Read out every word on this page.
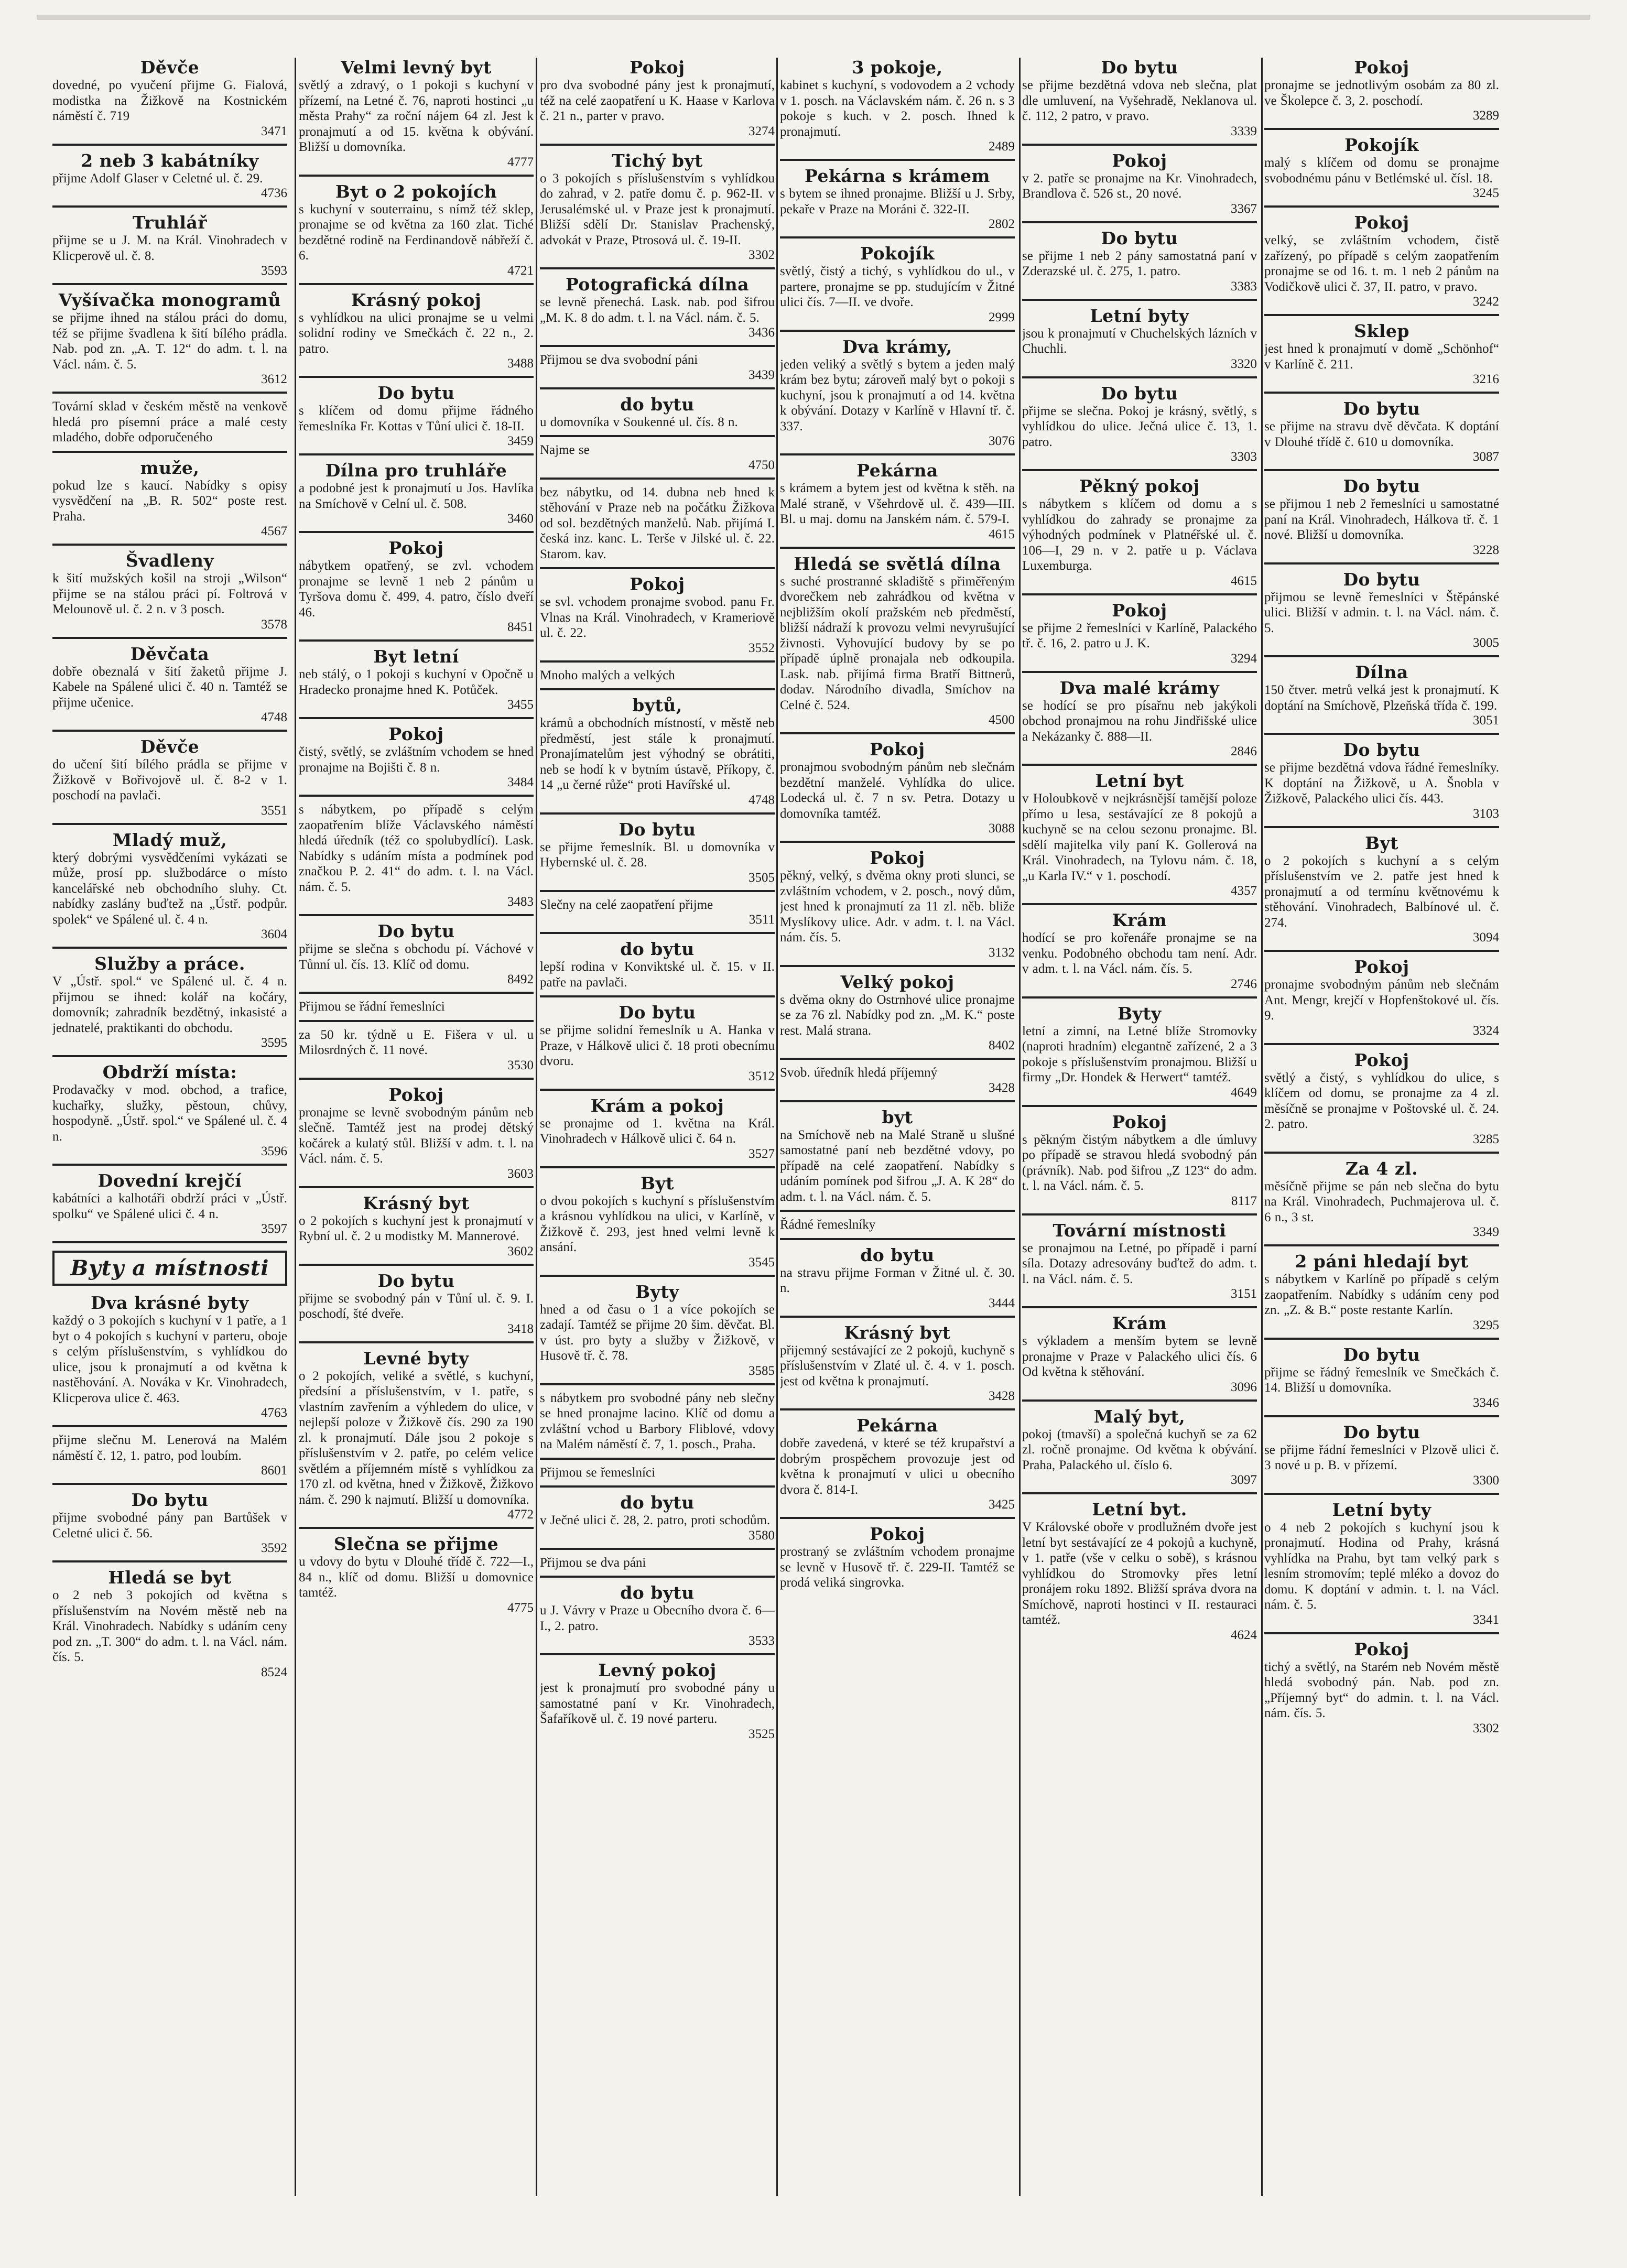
Děvče

dovedné, po vyučení přijme G. Fialová, modistka na Žižkově na Kostnickém náměstí č. 719

3471
2 neb 3 kabátníky

přijme Adolf Glaser v Celetné ul. č. 29.

4736
Truhlář

přijme se u J. M. na Král. Vinohradech v Klicperově ul. č. 8.

3593
Vyšívačka monogramů

se přijme ihned na stálou práci do domu, též se přijme švadlena k šití bílého prádla. Nab. pod zn. „A. T. 12“ do adm. t. l. na Václ. nám. č. 5.

3612

Tovární sklad v českém městě na venkově hledá pro písemní práce a malé cesty mladého, dobře odporučeného

muže,

pokud lze s kaucí. Nabídky s opisy vysvědčení na „B. R. 502“ poste rest. Praha.

4567
Švadleny

k šití mužských košil na stroji „Wilson“ přijme se na stálou práci pí. Foltrová v Melounově ul. č. 2 n. v 3 posch.

3578
Děvčata

dobře obeznalá v šití žaketů přijme J. Kabele na Spálené ulici č. 40 n. Tamtéž se přijme učenice.

4748
Děvče

do učení šití bílého prádla se přijme v Žižkově v Bořivojově ul. č. 8-2 v 1. poschodí na pavlači.

3551
Mladý muž,

který dobrými vysvědčeními vykázati se může, prosí pp. službodárce o místo kancelářské neb obchodního sluhy. Ct. nabídky zaslány buďtež na „Ústř. podpůr. spolek“ ve Spálené ul. č. 4 n.

3604
Služby a práce.

V „Ústř. spol.“ ve Spálené ul. č. 4 n. přijmou se ihned: kolář na kočáry, domovník; zahradník bezdětný, inkasisté a jednatelé, praktikanti do obchodu.

3595
Obdrží místa:

Prodavačky v mod. obchod, a trafice, kuchařky, služky, pěstoun, chůvy, hospodyně. „Ústř. spol.“ ve Spálené ul. č. 4 n.

3596
Dovední krejčí

kabátníci a kalhotáři obdrží práci v „Ústř. spolku“ ve Spálené ulici č. 4 n.

3597
Byty a místnosti
Dva krásné byty

každý o 3 pokojích s kuchyní v 1 patře, a 1 byt o 4 pokojích s kuchyní v parteru, oboje s celým příslušenstvím, s vyhlídkou do ulice, jsou k pronajmutí a od května k nastěhování. A. Nováka v Kr. Vinohradech, Klicperova ulice č. 463.

4763

přijme slečnu M. Lenerová na Malém náměstí č. 12, 1. patro, pod loubím.

8601
Do bytu

přijme svobodné pány pan Bartůšek v Celetné ulici č. 56.

3592
Hledá se byt

o 2 neb 3 pokojích od května s příslušenstvím na Novém městě neb na Král. Vinohradech. Nabídky s udáním ceny pod zn. „T. 300“ do adm. t. l. na Václ. nám. čís. 5.

8524
Velmi levný byt

světlý a zdravý, o 1 pokoji s kuchyní v přízemí, na Letné č. 76, naproti hostinci „u města Prahy“ za roční nájem 64 zl. Jest k pronajmutí a od 15. května k obývání. Bližší u domovníka.

4777
Byt o 2 pokojích

s kuchyní v souterrainu, s nímž též sklep, pronajme se od května za 160 zlat. Tiché bezdětné rodině na Ferdinandově nábřeží č. 6.

4721
Krásný pokoj

s vyhlídkou na ulici pronajme se u velmi solidní rodiny ve Smečkách č. 22 n., 2. patro.

3488
Do bytu

s klíčem od domu přijme řádného řemeslníka Fr. Kottas v Tůní ulici č. 18-II.

3459
Dílna pro truhláře

a podobné jest k pronajmutí u Jos. Havlíka na Smíchově v Celní ul. č. 508.

3460
Pokoj

nábytkem opatřený, se zvl. vchodem pronajme se levně 1 neb 2 pánům u Tyršova domu č. 499, 4. patro, číslo dveří 46.

8451
Byt letní

neb stálý, o 1 pokoji s kuchyní v Opočně u Hradecko pronajme hned K. Potůček.

3455
Pokoj

čistý, světlý, se zvláštním vchodem se hned pronajme na Bojišti č. 8 n.

3484

s nábytkem, po případě s celým zaopatřením blíže Václavského náměstí hledá úředník (též co spolubydlící). Lask. Nabídky s udáním místa a podmínek pod značkou P. 2. 41“ do adm. t. l. na Václ. nám. č. 5.

3483
Do bytu

přijme se slečna s obchodu pí. Váchové v Tůnní ul. čís. 13. Klíč od domu.

8492

Přijmou se řádní řemeslníci

za 50 kr. týdně u E. Fišera v ul. u Milosrdných č. 11 nové.

3530
Pokoj

pronajme se levně svobodným pánům neb slečně. Tamtéž jest na prodej dětský kočárek a kulatý stůl. Bližší v adm. t. l. na Václ. nám. č. 5.

3603
Krásný byt

o 2 pokojích s kuchyní jest k pronajmutí v Rybní ul. č. 2 u modistky M. Mannerové.

3602
Do bytu

přijme se svobodný pán v Tůní ul. č. 9. I. poschodí, šté dveře.

3418
Levné byty

o 2 pokojích, veliké a světlé, s kuchyní, předsíní a příslušenstvím, v 1. patře, s vlastním zavřením a výhledem do ulice, v nejlepší poloze v Žižkově čís. 290 za 190 zl. k pronajmutí. Dále jsou 2 pokoje s příslušenstvím v 2. patře, po celém velice světlém a příjemném místě s vyhlídkou za 170 zl. od května, hned v Žižkově, Žižkovo nám. č. 290 k najmutí. Bližší u domovníka.

4772
Slečna se přijme

u vdovy do bytu v Dlouhé třídě č. 722—I., 84 n., klíč od domu. Bližší u domovnice tamtéž.

4775
Pokoj

pro dva svobodné pány jest k pronajmutí, též na celé zaopatření u K. Haase v Karlova č. 21 n., parter v pravo.

3274
Tichý byt

o 3 pokojích s příslušenstvím s vyhlídkou do zahrad, v 2. patře domu č. p. 962-II. v Jerusalémské ul. v Praze jest k pronajmutí. Bližší sdělí Dr. Stanislav Prachenský, advokát v Praze, Ptrosová ul. č. 19-II.

3302
Potografická dílna

se levně přenechá. Lask. nab. pod šifrou „M. K. 8 do adm. t. l. na Václ. nám. č. 5.

3436

Přijmou se dva svobodní páni

3439
do bytu

u domovníka v Soukenné ul. čís. 8 n.

Najme se

4750

bez nábytku, od 14. dubna neb hned k stěhování v Praze neb na počátku Žižkova od sol. bezdětných manželů. Nab. přijímá I. česká inz. kanc. L. Terše v Jilské ul. č. 22. Starom. kav.

Pokoj

se svl. vchodem pronajme svobod. panu Fr. Vlnas na Král. Vinohradech, v Krameriově ul. č. 22.

3552

Mnoho malých a velkých

bytů,

krámů a obchodních místností, v městě neb předměstí, jest stále k pronajmutí. Pronajímatelům jest výhodný se obrátiti, neb se hodí k v bytním ústavě, Příkopy, č. 14 „u černé růže“ proti Havířské ul.

4748
Do bytu

se přijme řemeslník. Bl. u domovníka v Hybernské ul. č. 28.

3505

Slečny na celé zaopatření přijme

3511
do bytu

lepší rodina v Konviktské ul. č. 15. v II. patře na pavlači.

Do bytu

se přijme solidní řemeslník u A. Hanka v Praze, v Hálkově ulici č. 18 proti obecnímu dvoru.

3512
Krám a pokoj

se pronajme od 1. května na Král. Vinohradech v Hálkově ulici č. 64 n.

3527
Byt

o dvou pokojích s kuchyní s příslušenstvím a krásnou vyhlídkou na ulici, v Karlíně, v Žižkově č. 293, jest hned velmi levně k ansání.

3545
Byty

hned a od času o 1 a více pokojích se zadají. Tamtéž se přijme 20 šim. děvčat. Bl. v úst. pro byty a služby v Žižkově, v Husově tř. č. 78.

3585

s nábytkem pro svobodné pány neb slečny se hned pronajme lacino. Klíč od domu a zvláštní vchod u Barbory Fliblové, vdovy na Malém náměstí č. 7, 1. posch., Praha.

Přijmou se řemeslníci

do bytu

v Ječné ulici č. 28, 2. patro, proti schodům.

3580

Přijmou se dva páni

do bytu

u J. Vávry v Praze u Obecního dvora č. 6—I., 2. patro.

3533
Levný pokoj

jest k pronajmutí pro svobodné pány u samostatné paní v Kr. Vinohradech, Šafaříkově ul. č. 19 nové parteru.

3525
3 pokoje,

kabinet s kuchyní, s vodovodem a 2 vchody v 1. posch. na Václavském nám. č. 26 n. s 3 pokoje s kuch. v 2. posch. Ihned k pronajmutí.

2489
Pekárna s krámem

s bytem se ihned pronajme. Bližší u J. Srby, pekaře v Praze na Moráni č. 322-II.

2802
Pokojík

světlý, čistý a tichý, s vyhlídkou do ul., v partere, pronajme se pp. studujícím v Žitné ulici čís. 7—II. ve dvoře.

2999
Dva krámy,

jeden veliký a světlý s bytem a jeden malý krám bez bytu; zároveň malý byt o pokoji s kuchyní, jsou k pronajmutí a od 14. května k obývání. Dotazy v Karlíně v Hlavní tř. č. 337.

3076
Pekárna

s krámem a bytem jest od května k stěh. na Malé straně, v Všehrdově ul. č. 439—III. Bl. u maj. domu na Janském nám. č. 579-I.

4615
Hledá se světlá dílna

s suché prostranné skladiště s přiměřeným dvorečkem neb zahrádkou od května v nejbližším okolí pražském neb předměstí, bližší nádraží k provozu velmi nevyrušující živnosti. Vyhovující budovy by se po případě úplně pronajala neb odkoupila. Lask. nab. přijímá firma Bratří Bittnerů, dodav. Národního divadla, Smíchov na Celné č. 524.

4500
Pokoj

pronajmou svobodným pánům neb slečnám bezdětní manželé. Vyhlídka do ulice. Lodecká ul. č. 7 n sv. Petra. Dotazy u domovníka tamtéž.

3088
Pokoj

pěkný, velký, s dvěma okny proti slunci, se zvláštním vchodem, v 2. posch., nový dům, jest hned k pronajmutí za 11 zl. něb. bliže Myslíkovy ulice. Adr. v adm. t. l. na Václ. nám. čís. 5.

3132
Velký pokoj

s dvěma okny do Ostrnhové ulice pronajme se za 76 zl. Nabídky pod zn. „M. K.“ poste rest. Malá strana.

8402

Svob. úředník hledá příjemný

3428
byt

na Smíchově neb na Malé Straně u slušné samostatné paní neb bezdětné vdovy, po případě na celé zaopatření. Nabídky s udáním pomínek pod šifrou „J. A. K 28“ do adm. t. l. na Václ. nám. č. 5.

Řádné řemeslníky

do bytu

na stravu přijme Forman v Žitné ul. č. 30. n.

3444
Krásný byt

přijemný sestávající ze 2 pokojů, kuchyně s příslušenstvím v Zlaté ul. č. 4. v 1. posch. jest od května k pronajmutí.

3428
Pekárna

dobře zavedená, v které se též krupařství a dobrým prospěchem provozuje jest od května k pronajmutí v ulici u obecního dvora č. 814-I.

3425
Pokoj

prostraný se zvláštním vchodem pronajme se levně v Husově tř. č. 229-II. Tamtéž se prodá veliká singrovka.

Do bytu

se přijme bezdětná vdova neb slečna, plat dle umluvení, na Vyšehradě, Neklanova ul. č. 112, 2 patro, v pravo.

3339
Pokoj

v 2. patře se pronajme na Kr. Vinohradech, Brandlova č. 526 st., 20 nové.

3367
Do bytu

se přijme 1 neb 2 pány samostatná paní v Zderazské ul. č. 275, 1. patro.

3383
Letní byty

jsou k pronajmutí v Chuchelských lázních v Chuchli.

3320
Do bytu

přijme se slečna. Pokoj je krásný, světlý, s vyhlídkou do ulice. Ječná ulice č. 13, 1. patro.

3303
Pěkný pokoj

s nábytkem s klíčem od domu a s vyhlídkou do zahrady se pronajme za výhodných podmínek v Platnéřské ul. č. 106—I, 29 n. v 2. patře u p. Václava Luxemburga.

4615
Pokoj

se přijme 2 řemeslníci v Karlíně, Palackého tř. č. 16, 2. patro u J. K.

3294
Dva malé krámy

se hodící se pro písařnu neb jakýkoli obchod pronajmou na rohu Jindřišské ulice a Nekázanky č. 888—II.

2846
Letní byt

v Holoubkově v nejkrásnější tamější poloze přímo u lesa, sestávající ze 8 pokojů a kuchyně se na celou sezonu pronajme. Bl. sdělí majitelka vily paní K. Gollerová na Král. Vinohradech, na Tylovu nám. č. 18, „u Karla IV.“ v 1. poschodí.

4357
Krám

hodící se pro kořenáře pronajme se na venku. Podobného obchodu tam není. Adr. v adm. t. l. na Václ. nám. čís. 5.

2746
Byty

letní a zimní, na Letné blíže Stromovky (naproti hradním) elegantně zařízené, 2 a 3 pokoje s příslušenstvím pronajmou. Bližší u firmy „Dr. Hondek & Herwert“ tamtéž.

4649
Pokoj

s pěkným čistým nábytkem a dle úmluvy po případě se stravou hledá svobodný pán (právník). Nab. pod šifrou „Z 123“ do adm. t. l. na Václ. nám. č. 5.

8117
Tovární místnosti

se pronajmou na Letné, po případě i parní síla. Dotazy adresovány buďtež do adm. t. l. na Václ. nám. č. 5.

3151
Krám

s výkladem a menším bytem se levně pronajme v Praze v Palackého ulici čís. 6 Od května k stěhování.

3096
Malý byt,

pokoj (tmavší) a společná kuchyň se za 62 zl. ročně pronajme. Od května k obývání. Praha, Palackého ul. číslo 6.

3097
Letní byt.

V Královské oboře v prodlužném dvoře jest letní byt sestávající ze 4 pokojů a kuchyně, v 1. patře (vše v celku o sobě), s krásnou vyhlídkou do Stromovky přes letní pronájem roku 1892. Bližší správa dvora na Smíchově, naproti hostinci v II. restauraci tamtéž.

4624
Pokoj

pronajme se jednotlivým osobám za 80 zl. ve Školepce č. 3, 2. poschodí.

3289
Pokojík

malý s klíčem od domu se pronajme svobodnému pánu v Betlémské ul. čísl. 18.

3245
Pokoj

velký, se zvláštním vchodem, čistě zařízený, po případě s celým zaopatřením pronajme se od 16. t. m. 1 neb 2 pánům na Vodičkově ulici č. 37, II. patro, v pravo.

3242
Sklep

jest hned k pronajmutí v domě „Schönhof“ v Karlíně č. 211.

3216
Do bytu

se přijme na stravu dvě děvčata. K doptání v Dlouhé třídě č. 610 u domovníka.

3087
Do bytu

se přijmou 1 neb 2 řemeslníci u samostatné paní na Král. Vinohradech, Hálkova tř. č. 1 nové. Bližší u domovníka.

3228
Do bytu

přijmou se levně řemeslníci v Štěpánské ulici. Bližší v admin. t. l. na Václ. nám. č. 5.

3005
Dílna

150 čtver. metrů velká jest k pronajmutí. K doptání na Smíchově, Plzeňská třída č. 199.

3051
Do bytu

se přijme bezdětná vdova řádné řemeslníky. K doptání na Žižkově, u A. Šnobla v Žižkově, Palackého ulici čís. 443.

3103
Byt

o 2 pokojích s kuchyní a s celým příslušenstvím ve 2. patře jest hned k pronajmutí a od termínu květnovému k stěhování. Vinohradech, Balbínové ul. č. 274.

3094
Pokoj

pronajme svobodným pánům neb slečnám Ant. Mengr, krejčí v Hopfenštokové ul. čís. 9.

3324
Pokoj

světlý a čistý, s vyhlídkou do ulice, s klíčem od domu, se pronajme za 4 zl. měsíčně se pronajme v Poštovské ul. č. 24. 2. patro.

3285
Za 4 zl.

měsíčně přijme se pán neb slečna do bytu na Král. Vinohradech, Puchmajerova ul. č. 6 n., 3 st.

3349
2 páni hledají byt

s nábytkem v Karlíně po případě s celým zaopatřením. Nabídky s udáním ceny pod zn. „Z. & B.“ poste restante Karlín.

3295
Do bytu

přijme se řádný řemeslník ve Smečkách č. 14. Bližší u domovníka.

3346
Do bytu

se přijme řádní řemeslníci v Plzově ulici č. 3 nové u p. B. v přízemí.

3300
Letní byty

o 4 neb 2 pokojích s kuchyní jsou k pronajmutí. Hodina od Prahy, krásná vyhlídka na Prahu, byt tam velký park s lesním stromovím; teplé mléko a dovoz do domu. K doptání v admin. t. l. na Václ. nám. č. 5.

3341
Pokoj

tichý a světlý, na Starém neb Novém městě hledá svobodný pán. Nab. pod zn. „Příjemný byt“ do admin. t. l. na Václ. nám. čís. 5.

3302
